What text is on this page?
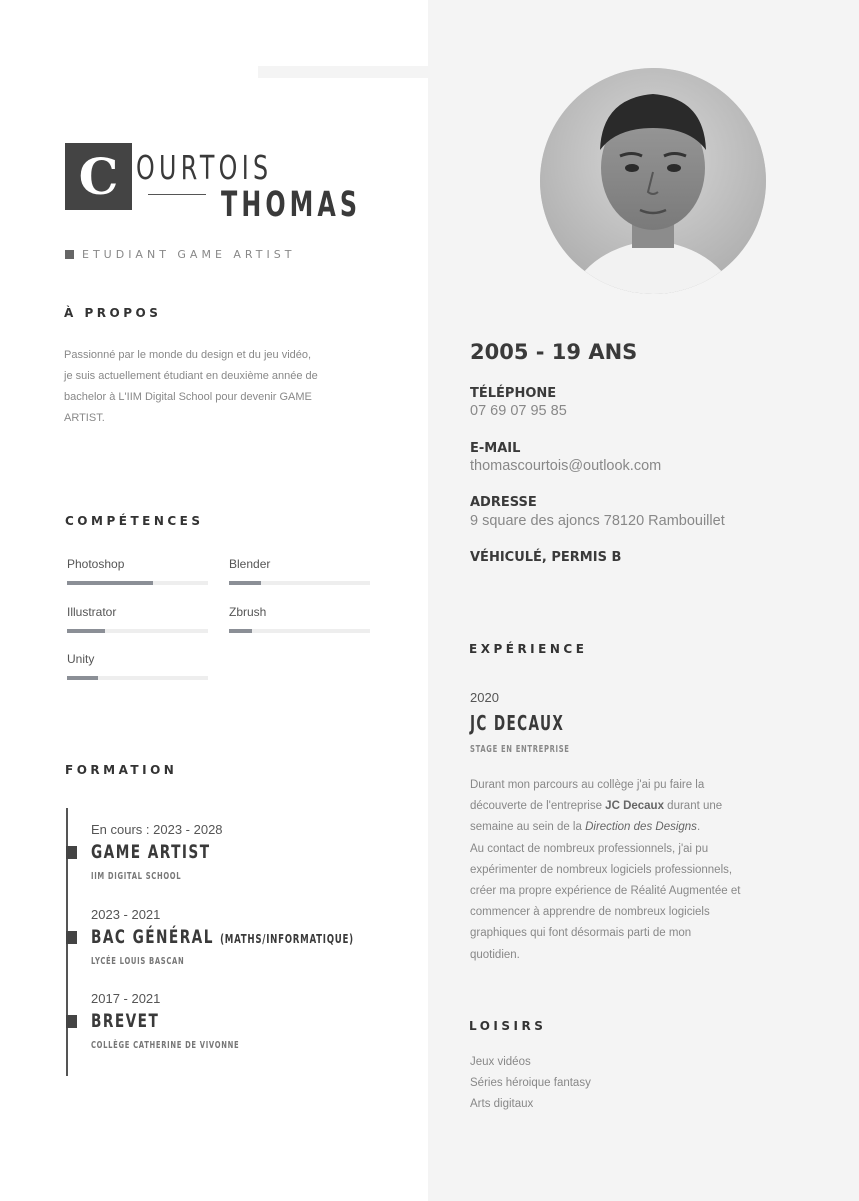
C OURTOIS
THOMAS
ETUDIANT GAME ARTIST
À PROPOS
Passionné par le monde du design et du jeu vidéo,
je suis actuellement étudiant en deuxième année de
bachelor à L'IIM Digital School pour devenir GAME
ARTIST.
COMPÉTENCES
Photoshop	Blender
Illustrator	Zbrush
Unity
FORMATION
En cours : 2023 - 2028
GAME ARTIST
IIM DIGITAL SCHOOL
2023 - 2021
BAC GÉNÉRAL (MATHS/INFORMATIQUE)
LYCÉE LOUIS BASCAN
2017 - 2021
BREVET
COLLÈGE CATHERINE DE VIVONNE
2005 - 19 ANS
TÉLÉPHONE
07 69 07 95 85
E-MAIL
thomascourtois@outlook.com
ADRESSE
9 square des ajoncs 78120 Rambouillet
VÉHICULÉ, PERMIS B
EXPÉRIENCE
2020
JC DECAUX
STAGE EN ENTREPRISE
Durant mon parcours au collège j'ai pu faire la
découverte de l'entreprise JC Decaux durant une
semaine au sein de la Direction des Designs.
Au contact de nombreux professionnels, j'ai pu
expérimenter de nombreux logiciels professionnels,
créer ma propre expérience de Réalité Augmentée et
commencer à apprendre de nombreux logiciels
graphiques qui font désormais parti de mon
quotidien.
LOISIRS
Jeux vidéos
Séries héroique fantasy
Arts digitaux
